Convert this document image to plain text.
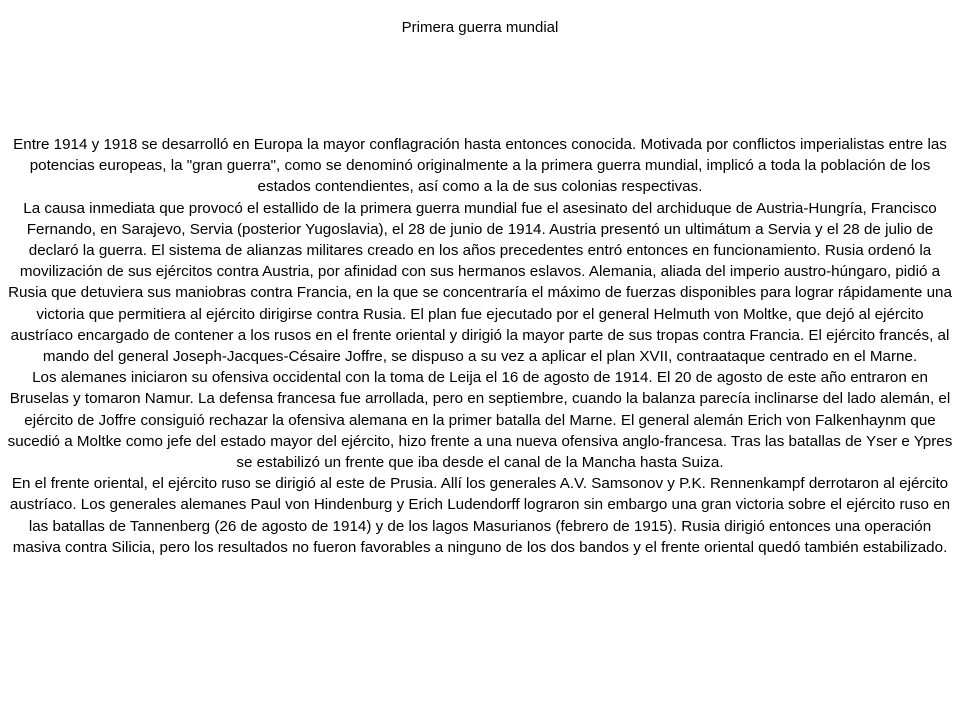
Primera guerra mundial

Entre 1914 y 1918 se desarrolló en Europa la mayor conflagración hasta entonces conocida. Motivada por conflictos imperialistas entre las potencias europeas, la "gran guerra", como se denominó originalmente a la primera guerra mundial, implicó a toda la población de los estados contendientes, así como a la de sus colonias respectivas.

La causa inmediata que provocó el estallido de la primera guerra mundial fue el asesinato del archiduque de Austria-Hungría, Francisco Fernando, en Sarajevo, Servia (posterior Yugoslavia), el 28 de junio de 1914. Austria presentó un ultimátum a Servia y el 28 de julio de declaró la guerra. El sistema de alianzas militares creado en los años precedentes entró entonces en funcionamiento. Rusia ordenó la movilización de sus ejércitos contra Austria, por afinidad con sus hermanos eslavos. Alemania, aliada del imperio austro-húngaro, pidió a Rusia que detuviera sus maniobras contra Francia, en la que se concentraría el máximo de fuerzas disponibles para lograr rápidamente una victoria que permitiera al ejército dirigirse contra Rusia. El plan fue ejecutado por el general Helmuth von Moltke, que dejó al ejército austríaco encargado de contener a los rusos en el frente oriental y dirigió la mayor parte de sus tropas contra Francia. El ejército francés, al mando del general Joseph-Jacques-Césaire Joffre, se dispuso a su vez a aplicar el plan XVII, contraataque centrado en el Marne.

Los alemanes iniciaron su ofensiva occidental con la toma de Leija el 16 de agosto de 1914. El 20 de agosto de este año entraron en Bruselas y tomaron Namur. La defensa francesa fue arrollada, pero en septiembre, cuando la balanza parecía inclinarse del lado alemán, el ejército de Joffre consiguió rechazar la ofensiva alemana en la primer batalla del Marne. El general alemán Erich von Falkenhaynm que sucedió a Moltke como jefe del estado mayor del ejército, hizo frente a una nueva ofensiva anglo-francesa. Tras las batallas de Yser e Ypres se estabilizó un frente que iba desde el canal de la Mancha hasta Suiza.

En el frente oriental, el ejército ruso se dirigió al este de Prusia. Allí los generales A.V. Samsonov y P.K. Rennenkampf derrotaron al ejército austríaco. Los generales alemanes Paul von Hindenburg y Erich Ludendorff lograron sin embargo una gran victoria sobre el ejército ruso en las batallas de Tannenberg (26 de agosto de 1914) y de los lagos Masurianos (febrero de 1915). Rusia dirigió entonces una operación masiva contra Silicia, pero los resultados no fueron favorables a ninguno de los dos bandos y el frente oriental quedó también estabilizado.
